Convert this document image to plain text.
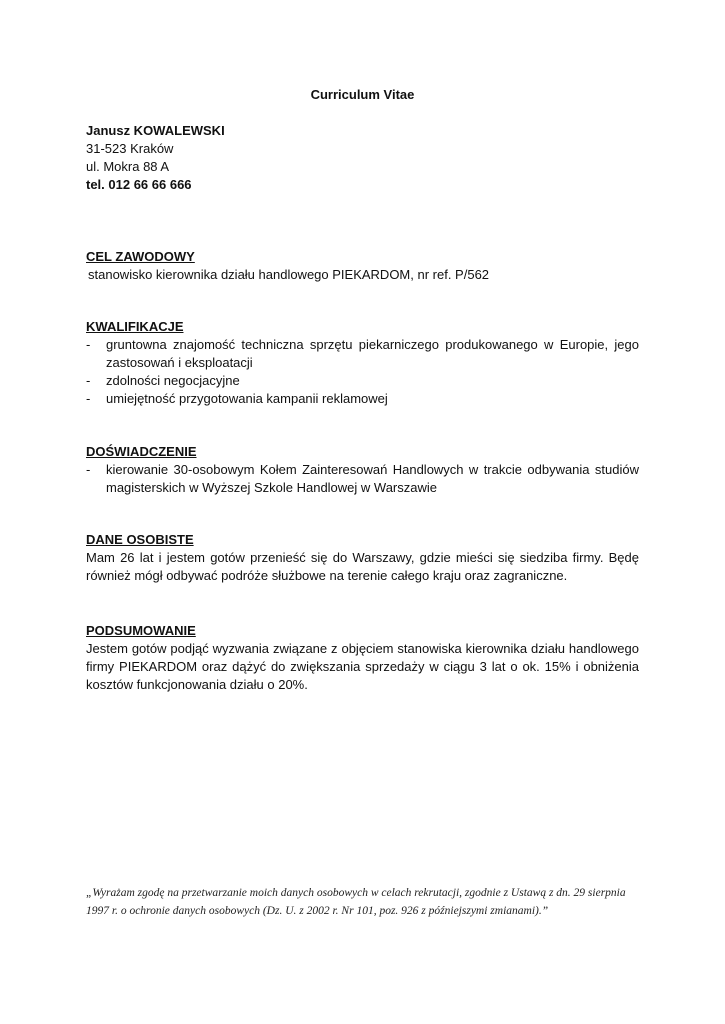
Curriculum Vitae
Janusz KOWALEWSKI
31-523 Kraków
ul. Mokra 88 A
tel. 012 66 66 666
CEL ZAWODOWY
stanowisko kierownika działu handlowego PIEKARDOM, nr ref. P/562
KWALIFIKACJE
- gruntowna znajomość techniczna sprzętu piekarniczego produkowanego w Europie, jego zastosowań i eksploatacji
- zdolności negocjacyjne
- umiejętność przygotowania kampanii reklamowej
DOŚWIADCZENIE
- kierowanie 30-osobowym Kołem Zainteresowań Handlowych w trakcie odbywania studiów magisterskich w Wyższej Szkole Handlowej w Warszawie
DANE OSOBISTE
Mam 26 lat i jestem gotów przenieść się do Warszawy, gdzie mieści się siedziba firmy. Będę również mógł odbywać podróże służbowe na terenie całego kraju oraz zagraniczne.
PODSUMOWANIE
Jestem gotów podjąć wyzwania związane z objęciem stanowiska kierownika działu handlowego firmy PIEKARDOM oraz dążyć do zwiększania sprzedaży w ciągu 3 lat o ok. 15% i obniżenia kosztów funkcjonowania działu o 20%.
„Wyrażam zgodę na przetwarzanie moich danych osobowych w celach rekrutacji, zgodnie z Ustawą z dn. 29 sierpnia 1997 r. o ochronie danych osobowych (Dz. U. z 2002 r. Nr 101, poz. 926 z późniejszymi zmianami).”
